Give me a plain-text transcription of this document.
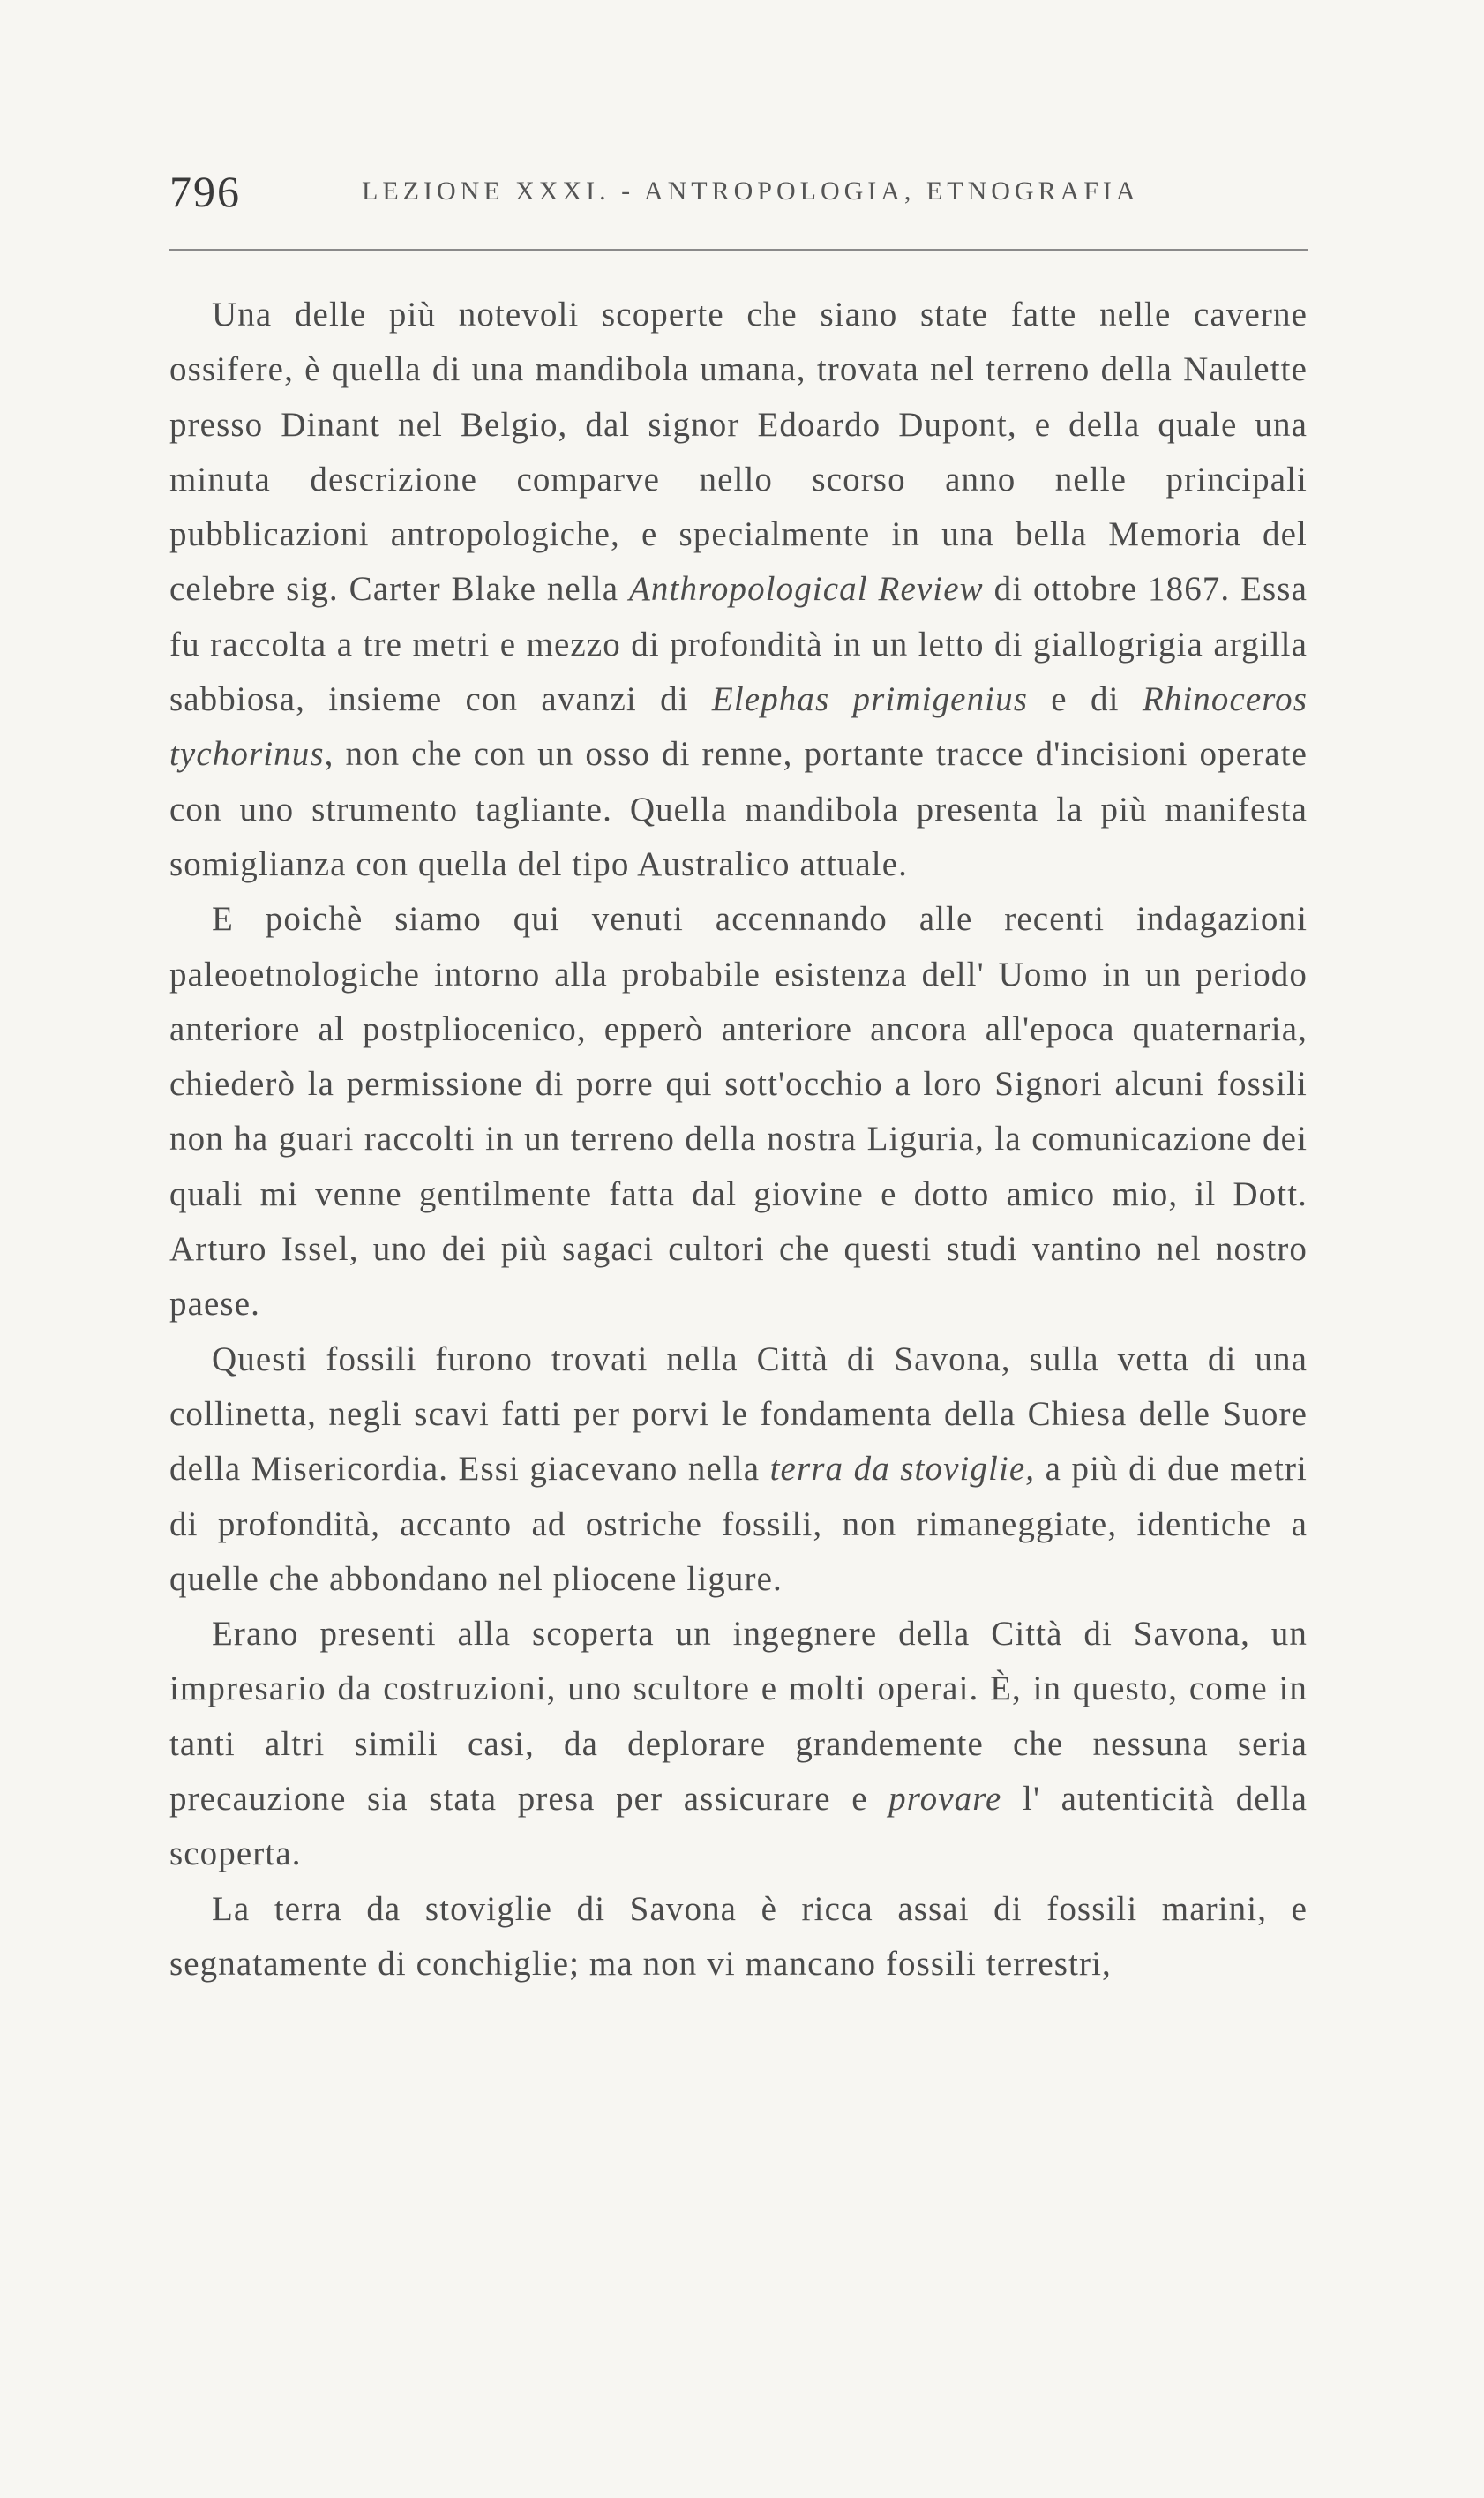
796	LEZIONE XXXI. - ANTROPOLOGIA, ETNOGRAFIA

Una delle più notevoli scoperte che siano state fatte nelle caverne ossifere, è quella di una mandibola umana, trovata nel terreno della Naulette presso Dinant nel Belgio, dal signor Edoardo Dupont, e della quale una minuta descrizione comparve nello scorso anno nelle principali pubblicazioni antropologiche, e specialmente in una bella Memoria del celebre sig. Carter Blake nella Anthropological Review di ottobre 1867. Essa fu raccolta a tre metri e mezzo di profondità in un letto di giallogrigia argilla sabbiosa, insieme con avanzi di Elephas primigenius e di Rhinoceros tychorinus, non che con un osso di renne, portante tracce d'incisioni operate con uno strumento tagliante. Quella mandibola presenta la più manifesta somiglianza con quella del tipo Australico attuale.

E poichè siamo qui venuti accennando alle recenti indagazioni paleoetnologiche intorno alla probabile esistenza dell' Uomo in un periodo anteriore al postpliocenico, epperò anteriore ancora all'epoca quaternaria, chiederò la permissione di porre qui sott'occhio a loro Signori alcuni fossili non ha guari raccolti in un terreno della nostra Liguria, la comunicazione dei quali mi venne gentilmente fatta dal giovine e dotto amico mio, il Dott. Arturo Issel, uno dei più sagaci cultori che questi studi vantino nel nostro paese.

Questi fossili furono trovati nella Città di Savona, sulla vetta di una collinetta, negli scavi fatti per porvi le fondamenta della Chiesa delle Suore della Misericordia. Essi giacevano nella terra da stoviglie, a più di due metri di profondità, accanto ad ostriche fossili, non rimaneggiate, identiche a quelle che abbondano nel pliocene ligure.

Erano presenti alla scoperta un ingegnere della Città di Savona, un impresario da costruzioni, uno scultore e molti operai. È, in questo, come in tanti altri simili casi, da deplorare grandemente che nessuna seria precauzione sia stata presa per assicurare e provare l' autenticità della scoperta.

La terra da stoviglie di Savona è ricca assai di fossili marini, e segnatamente di conchiglie; ma non vi mancano fossili terrestri,
